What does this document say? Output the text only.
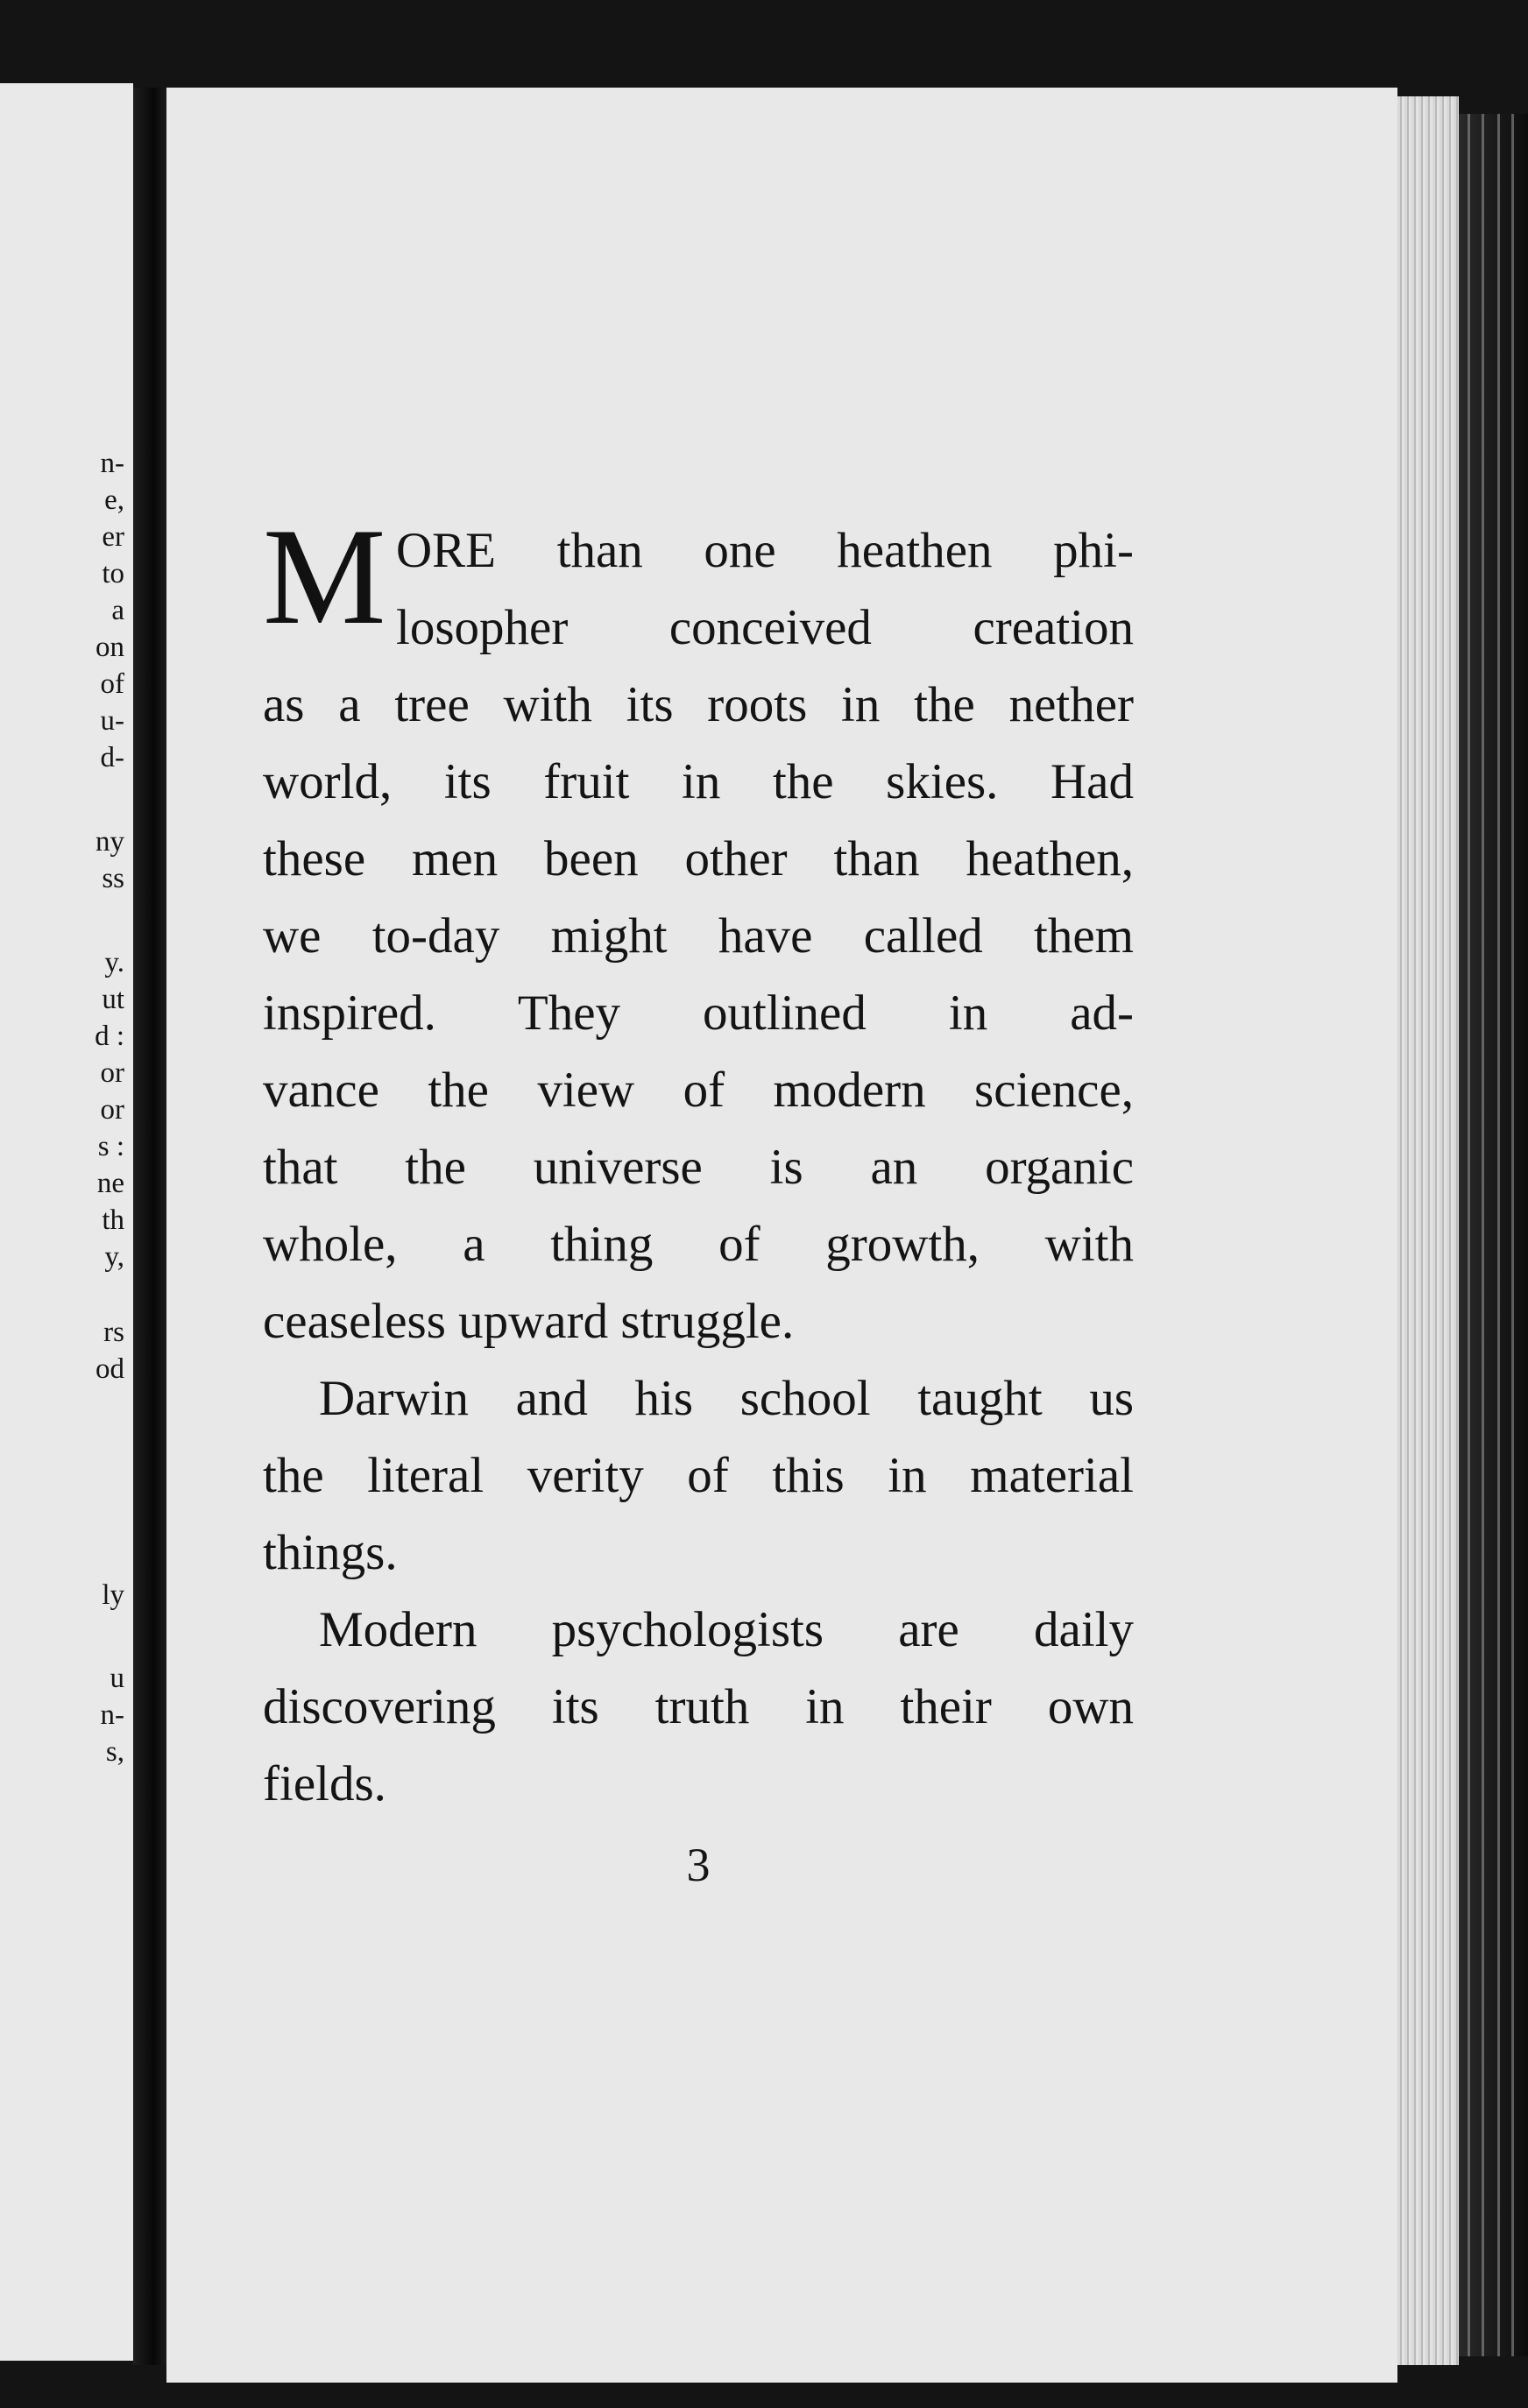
n-
e,
er
to
a
on
of
u-
d-
ny
ss
y.
ut
d :
or
or
s :
ne
th
y,
rs
od
ly
u
n-
s,
M ORE than one heathen phi-
losopher conceived creation
as a tree with its roots in the nether
world, its fruit in the skies. Had
these men been other than heathen,
we to-day might have called them
inspired. They outlined in ad-
vance the view of modern science,
that the universe is an organic
whole, a thing of growth, with
ceaseless upward struggle.
Darwin and his school taught us
the literal verity of this in material
things.
Modern psychologists are daily
discovering its truth in their own
fields.
3
